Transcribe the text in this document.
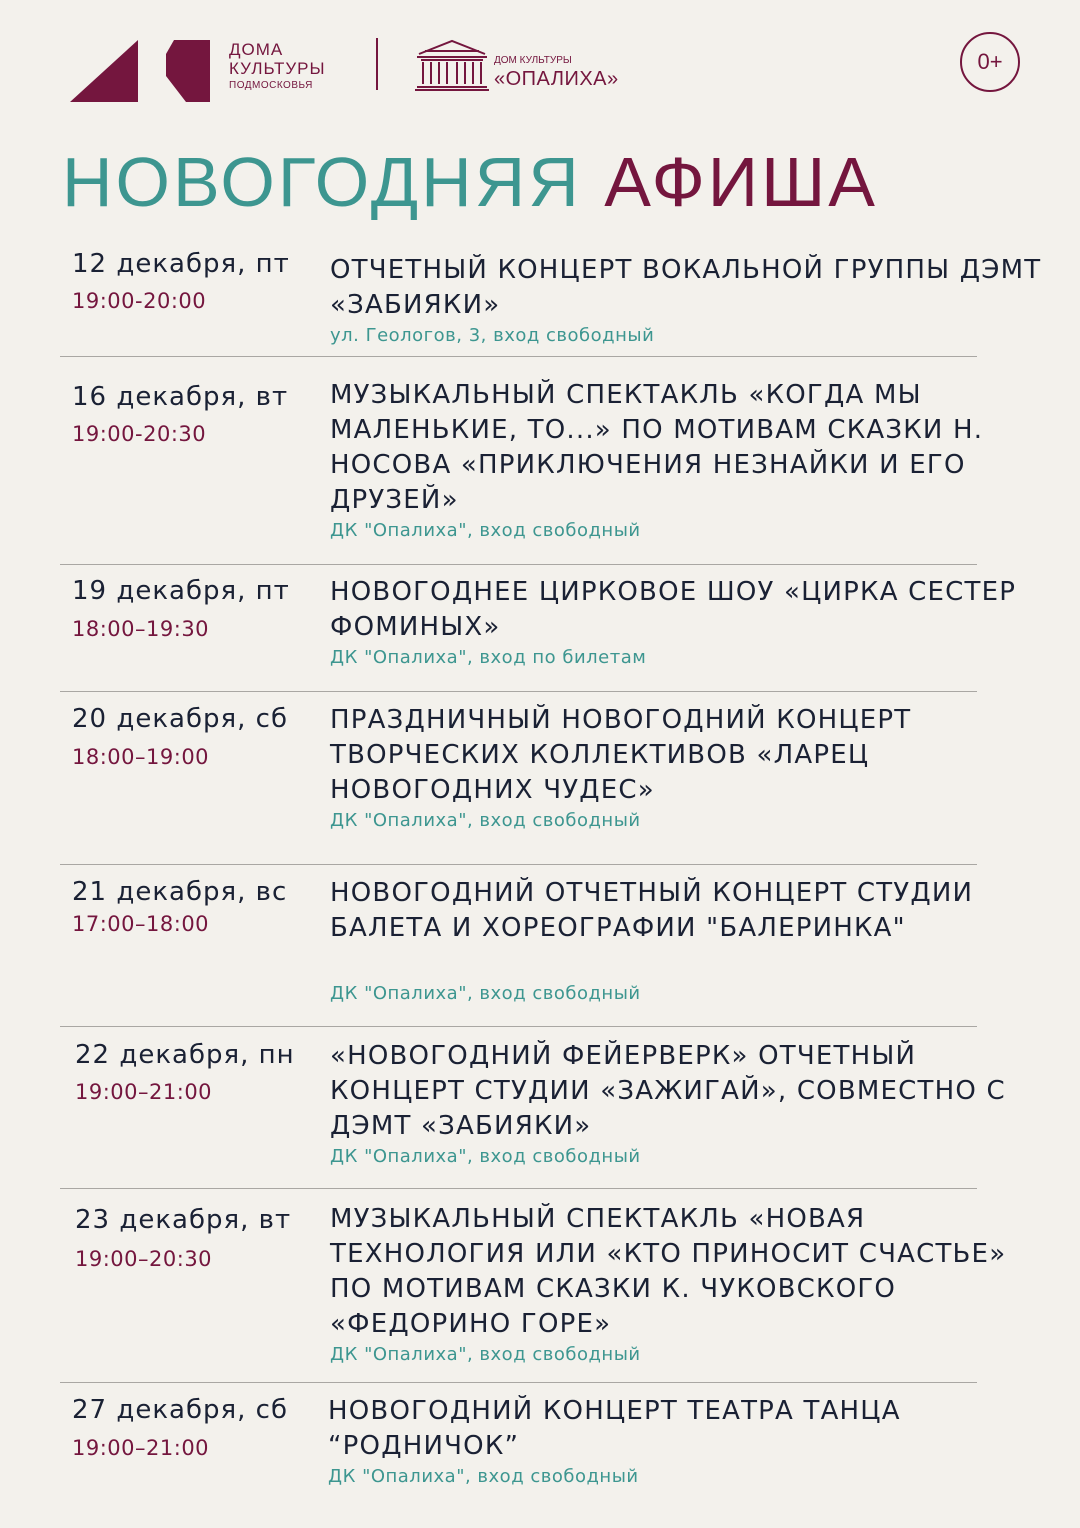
ДОМА
КУЛЬТУРЫ
ПОДМОСКОВЬЯ
ДОМ КУЛЬТУРЫ
«ОПАЛИХА»
0+
НОВОГОДНЯЯ АФИША
12 декабря, пт
19:00-20:00
ОТЧЕТНЫЙ КОНЦЕРТ ВОКАЛЬНОЙ ГРУППЫ ДЭМТ «ЗАБИЯКИ»
ул. Геологов, 3, вход свободный
16 декабря, вт
19:00-20:30
МУЗЫКАЛЬНЫЙ СПЕКТАКЛЬ «КОГДА МЫ МАЛЕНЬКИЕ, ТО...» ПО МОТИВАМ СКАЗКИ Н. НОСОВА «ПРИКЛЮЧЕНИЯ НЕЗНАЙКИ И ЕГО ДРУЗЕЙ»
ДК "Опалиха", вход свободный
19 декабря, пт
18:00–19:30
НОВОГОДНЕЕ ЦИРКОВОЕ ШОУ «ЦИРКА СЕСТЕР ФОМИНЫХ»
ДК "Опалиха", вход по билетам
20 декабря, сб
18:00–19:00
ПРАЗДНИЧНЫЙ НОВОГОДНИЙ КОНЦЕРТ ТВОРЧЕСКИХ КОЛЛЕКТИВОВ «ЛАРЕЦ НОВОГОДНИХ ЧУДЕС»
ДК "Опалиха", вход свободный
21 декабря, вс
17:00–18:00
НОВОГОДНИЙ ОТЧЕТНЫЙ КОНЦЕРТ СТУДИИ БАЛЕТА И ХОРЕОГРАФИИ "БАЛЕРИНКА"
ДК "Опалиха", вход свободный
22 декабря, пн
19:00–21:00
«НОВОГОДНИЙ ФЕЙЕРВЕРК» ОТЧЕТНЫЙ КОНЦЕРТ СТУДИИ «ЗАЖИГАЙ», СОВМЕСТНО С ДЭМТ «ЗАБИЯКИ»
ДК "Опалиха", вход свободный
23 декабря, вт
19:00–20:30
МУЗЫКАЛЬНЫЙ СПЕКТАКЛЬ «НОВАЯ ТЕХНОЛОГИЯ ИЛИ «КТО ПРИНОСИТ СЧАСТЬЕ» ПО МОТИВАМ СКАЗКИ К. ЧУКОВСКОГО «ФЕДОРИНО ГОРЕ»
ДК "Опалиха", вход свободный
27 декабря, сб
19:00–21:00
НОВОГОДНИЙ КОНЦЕРТ ТЕАТРА ТАНЦА “РОДНИЧОК”
ДК "Опалиха", вход свободный
